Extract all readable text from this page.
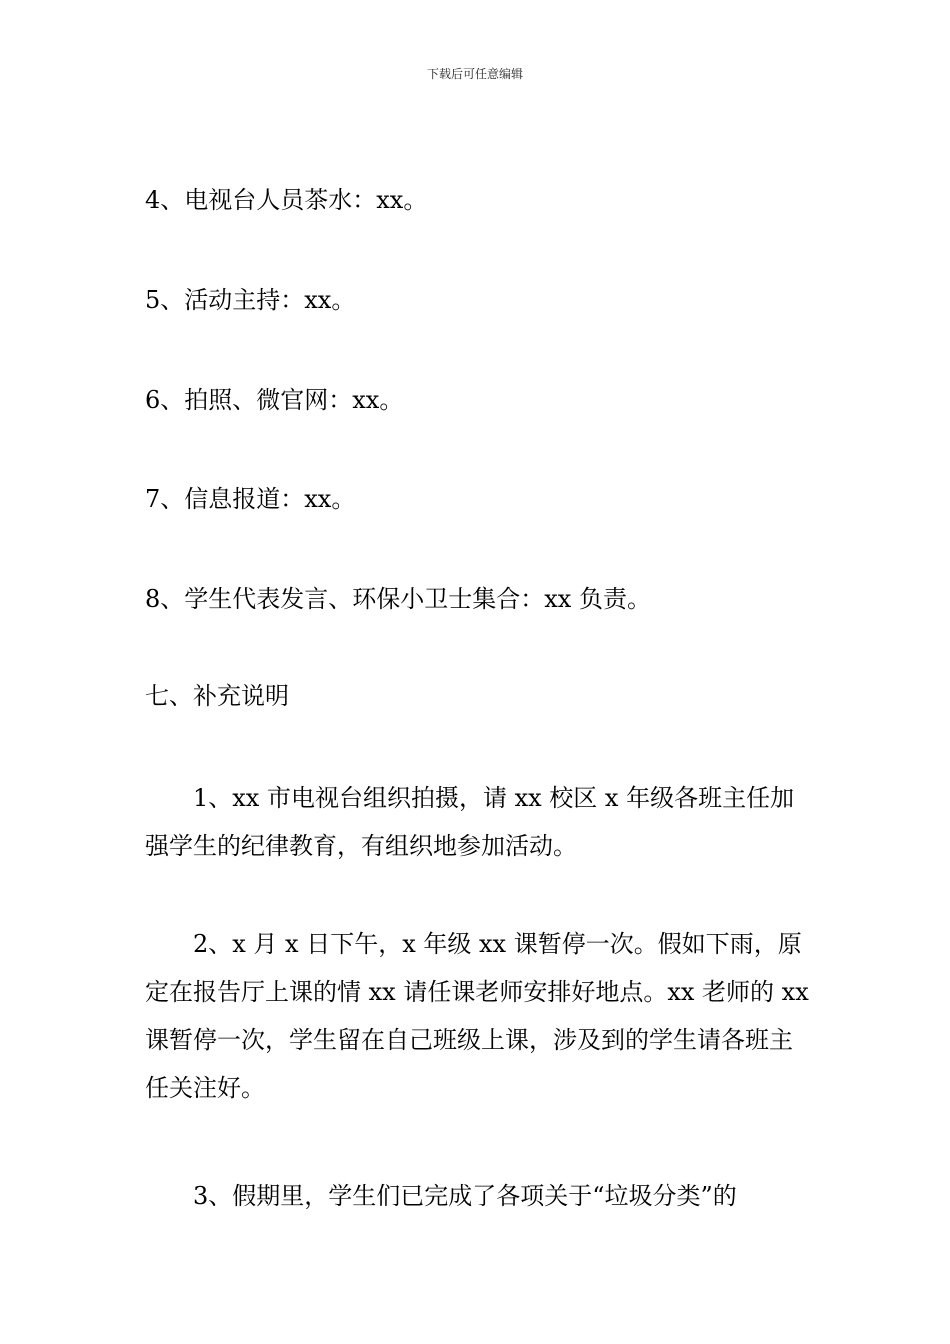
下载后可任意编辑
4、电视台人员茶水：xx。
5、活动主持：xx。
6、拍照、微官网：xx。
7、信息报道：xx。
8、学生代表发言、环保小卫士集合：xx 负责。
七、补充说明
1、xx 市电视台组织拍摄，请 xx 校区 x 年级各班主任加强学生的纪律教育，有组织地参加活动。
2、x 月 x 日下午，x 年级 xx 课暂停一次。假如下雨，原定在报告厅上课的情 xx 请任课老师安排好地点。xx 老师的 xx 课暂停一次，学生留在自己班级上课，涉及到的学生请各班主任关注好。
3、假期里，学生们已完成了各项关于“垃圾分类”的
